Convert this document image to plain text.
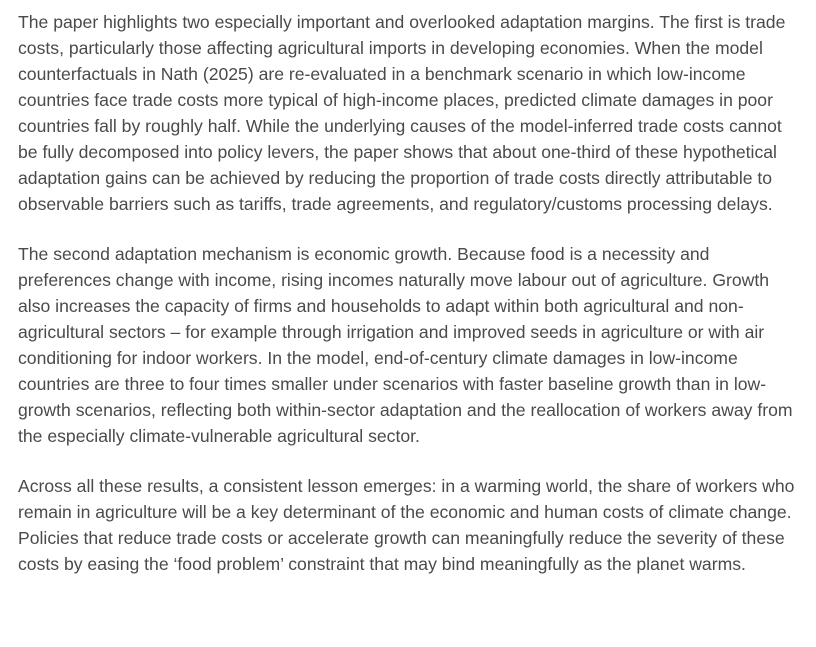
The paper highlights two especially important and overlooked adaptation margins. The first is trade costs, particularly those affecting agricultural imports in developing economies. When the model counterfactuals in Nath (2025) are re-evaluated in a benchmark scenario in which low-income countries face trade costs more typical of high-income places, predicted climate damages in poor countries fall by roughly half. While the underlying causes of the model-inferred trade costs cannot be fully decomposed into policy levers, the paper shows that about one-third of these hypothetical adaptation gains can be achieved by reducing the proportion of trade costs directly attributable to observable barriers such as tariffs, trade agreements, and regulatory/customs processing delays.

The second adaptation mechanism is economic growth. Because food is a necessity and preferences change with income, rising incomes naturally move labour out of agriculture. Growth also increases the capacity of firms and households to adapt within both agricultural and non-agricultural sectors – for example through irrigation and improved seeds in agriculture or with air conditioning for indoor workers. In the model, end-of-century climate damages in low-income countries are three to four times smaller under scenarios with faster baseline growth than in low-growth scenarios, reflecting both within-sector adaptation and the reallocation of workers away from the especially climate-vulnerable agricultural sector.

Across all these results, a consistent lesson emerges: in a warming world, the share of workers who remain in agriculture will be a key determinant of the economic and human costs of climate change. Policies that reduce trade costs or accelerate growth can meaningfully reduce the severity of these costs by easing the ‘food problem’ constraint that may bind meaningfully as the planet warms.
